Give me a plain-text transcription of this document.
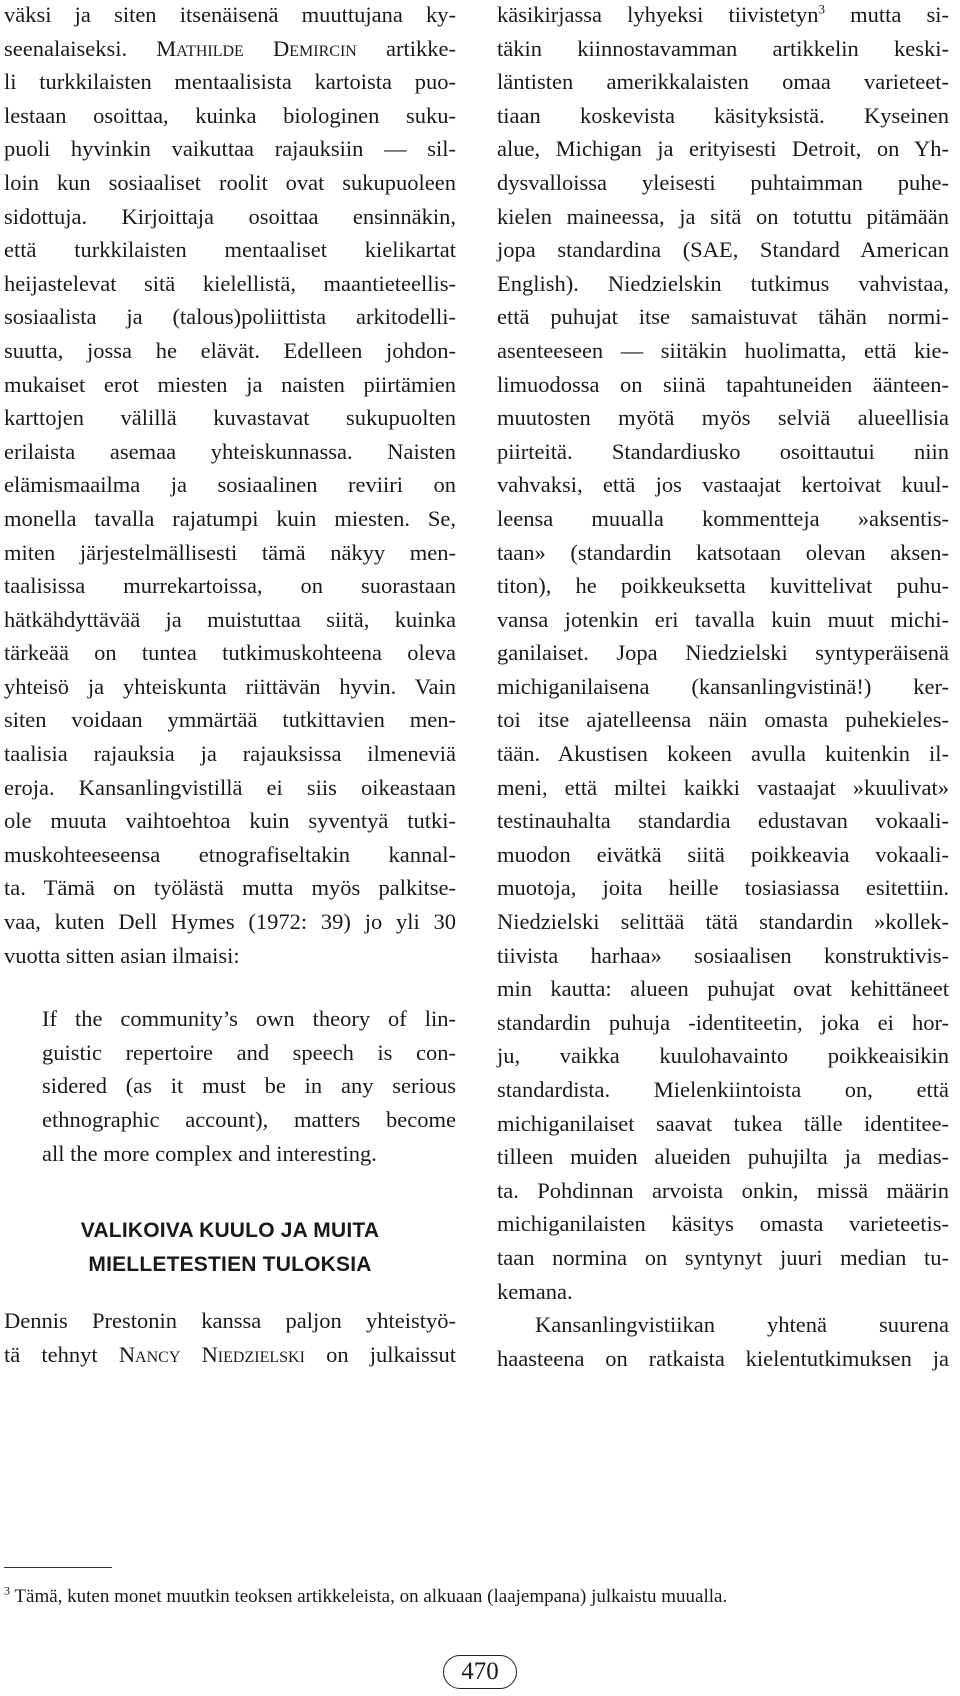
väksi ja siten itsenäisenä muuttujana ky-
seenalaiseksi. Mathilde Demircin artikke-
li turkkilaisten mentaalisista kartoista puo-
lestaan osoittaa, kuinka biologinen suku-
puoli hyvinkin vaikuttaa rajauksiin — sil-
loin kun sosiaaliset roolit ovat sukupuoleen
sidottuja. Kirjoittaja osoittaa ensinnäkin,
että turkkilaisten mentaaliset kielikartat
heijastelevat sitä kielellistä, maantieteellis-
sosiaalista ja (talous)poliittista arkitodelli-
suutta, jossa he elävät. Edelleen johdon-
mukaiset erot miesten ja naisten piirtämien
karttojen välillä kuvastavat sukupuolten
erilaista asemaa yhteiskunnassa. Naisten
elämismaailma ja sosiaalinen reviiri on
monella tavalla rajatumpi kuin miesten. Se,
miten järjestelmällisesti tämä näkyy men-
taalisissa murrekartoissa, on suorastaan
hätkähdyttävää ja muistuttaa siitä, kuinka
tärkeää on tuntea tutkimuskohteena oleva
yhteisö ja yhteiskunta riittävän hyvin. Vain
siten voidaan ymmärtää tutkittavien men-
taalisia rajauksia ja rajauksissa ilmeneviä
eroja. Kansanlingvistillä ei siis oikeastaan
ole muuta vaihtoehtoa kuin syventyä tutki-
muskohteeseensa etnografiseltakin kannal-
ta. Tämä on työlästä mutta myös palkitse-
vaa, kuten Dell Hymes (1972: 39) jo yli 30
vuotta sitten asian ilmaisi:
If the community’s own theory of lin-
guistic repertoire and speech is con-
sidered (as it must be in any serious
ethnographic account), matters become
all the more complex and interesting.
VALIKOIVA KUULO JA MUITA
MIELLETESTIEN TULOKSIA
Dennis Prestonin kanssa paljon yhteistyö-
tä tehnyt Nancy Niedzielski on julkaissut
käsikirjassa lyhyeksi tiivistetyn$^3$ mutta si-
täkin kiinnostavamman artikkelin keski-
läntisten amerikkalaisten omaa varieteet-
tiaan koskevista käsityksistä. Kyseinen
alue, Michigan ja erityisesti Detroit, on Yh-
dysvalloissa yleisesti puhtaimman puhe-
kielen maineessa, ja sitä on totuttu pitämään
jopa standardina (SAE, Standard American
English). Niedzielskin tutkimus vahvistaa,
että puhujat itse samaistuvat tähän normi-
asenteeseen — siitäkin huolimatta, että kie-
limuodossa on siinä tapahtuneiden äänteen-
muutosten myötä myös selviä alueellisia
piirteitä. Standardiusko osoittautui niin
vahvaksi, että jos vastaajat kertoivat kuul-
leensa muualla kommentteja »aksentis-
taan» (standardin katsotaan olevan aksen-
titon), he poikkeuksetta kuvittelivat puhu-
vansa jotenkin eri tavalla kuin muut michi-
ganilaiset. Jopa Niedzielski syntyperäisenä
michiganilaisena (kansanlingvistinä!) ker-
toi itse ajatelleensa näin omasta puhekieles-
tään. Akustisen kokeen avulla kuitenkin il-
meni, että miltei kaikki vastaajat »kuulivat»
testinauhalta standardia edustavan vokaali-
muodon eivätkä siitä poikkeavia vokaali-
muotoja, joita heille tosiasiassa esitettiin.
Niedzielski selittää tätä standardin »kollek-
tiivista harhaa» sosiaalisen konstruktivis-
min kautta: alueen puhujat ovat kehittäneet
standardin puhuja -identiteetin, joka ei hor-
ju, vaikka kuulohavainto poikkeaisikin
standardista. Mielenkiintoista on, että
michiganilaiset saavat tukea tälle identitee-
tilleen muiden alueiden puhujilta ja medias-
ta. Pohdinnan arvoista onkin, missä määrin
michiganilaisten käsitys omasta varieteetis-
taan normina on syntynyt juuri median tu-
kemana.
Kansanlingvistiikan yhtenä suurena
haasteena on ratkaista kielentutkimuksen ja
$^3$ Tämä, kuten monet muutkin teoksen artikkeleista, on alkuaan (laajempana) julkaistu muualla.
470
